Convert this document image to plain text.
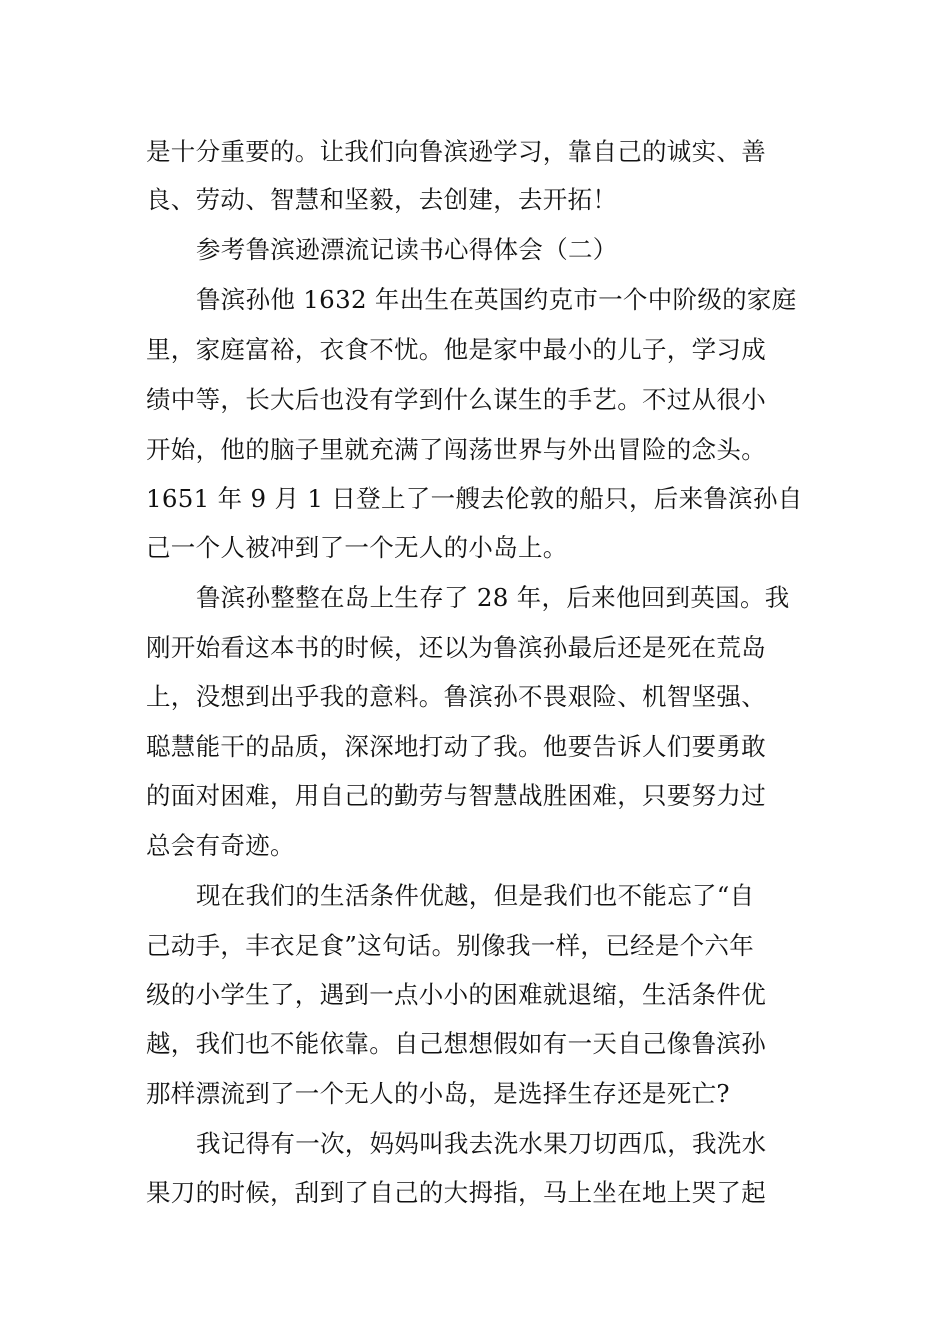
是十分重要的。让我们向鲁滨逊学习，靠自己的诚实、善
良、劳动、智慧和坚毅，去创建，去开拓！
参考鲁滨逊漂流记读书心得体会（二）
鲁滨孙他 1632 年出生在英国约克市一个中阶级的家庭
里，家庭富裕，衣食不忧。他是家中最小的儿子，学习成
绩中等，长大后也没有学到什么谋生的手艺。不过从很小
开始，他的脑子里就充满了闯荡世界与外出冒险的念头。
1651 年 9 月 1 日登上了一艘去伦敦的船只，后来鲁滨孙自
己一个人被冲到了一个无人的小岛上。
鲁滨孙整整在岛上生存了 28 年，后来他回到英国。我
刚开始看这本书的时候，还以为鲁滨孙最后还是死在荒岛
上，没想到出乎我的意料。鲁滨孙不畏艰险、机智坚强、
聪慧能干的品质，深深地打动了我。他要告诉人们要勇敢
的面对困难，用自己的勤劳与智慧战胜困难，只要努力过
总会有奇迹。
现在我们的生活条件优越，但是我们也不能忘了“自
己动手，丰衣足食”这句话。别像我一样，已经是个六年
级的小学生了，遇到一点小小的困难就退缩，生活条件优
越，我们也不能依靠。自己想想假如有一天自己像鲁滨孙
那样漂流到了一个无人的小岛，是选择生存还是死亡?
我记得有一次，妈妈叫我去洗水果刀切西瓜，我洗水
果刀的时候，刮到了自己的大拇指，马上坐在地上哭了起
